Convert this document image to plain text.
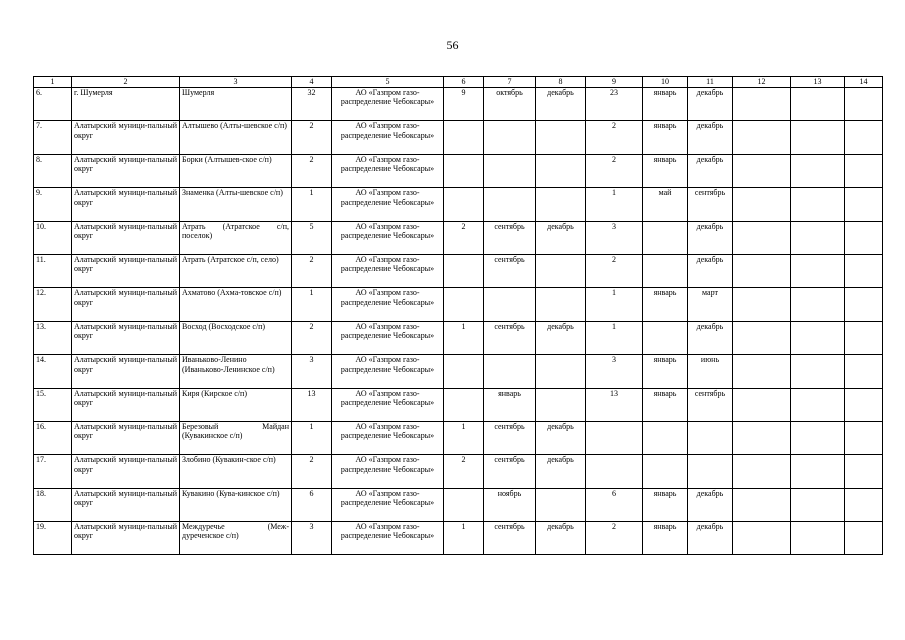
56
1	2	3	4	5	6	7	8	9	10	11	12	13	14
6.	г. Шумерля	Шумерля	32	АО «Газпром газо-распределение Чебоксары»	9	октябрь	декабрь	23	январь	декабрь			
7.	Алатырский муници-пальный округ	Алтышево (Алты-шевское с/п)	2	АО «Газпром газо-распределение Чебоксары»				2	январь	декабрь			
8.	Алатырский муници-пальный округ	Борки (Алтышев-ское с/п)	2	АО «Газпром газо-распределение Чебоксары»				2	январь	декабрь			
9.	Алатырский муници-пальный округ	Знаменка (Алты-шевское с/п)	1	АО «Газпром газо-распределение Чебоксары»				1	май	сентябрь			
10.	Алатырский муници-пальный округ	Атрать (Атратское с/п, поселок)	5	АО «Газпром газо-распределение Чебоксары»	2	сентябрь	декабрь	3		декабрь			
11.	Алатырский муници-пальный округ	Атрать (Атратское с/п, село)	2	АО «Газпром газо-распределение Чебоксары»		сентябрь		2		декабрь			
12.	Алатырский муници-пальный округ	Ахматово (Ахма-товское с/п)	1	АО «Газпром газо-распределение Чебоксары»				1	январь	март			
13.	Алатырский муници-пальный округ	Восход (Восходское с/п)	2	АО «Газпром газо-распределение Чебоксары»	1	сентябрь	декабрь	1		декабрь			
14.	Алатырский муници-пальный округ	Иваньково-Ленино (Иваньково-Ленинское с/п)	3	АО «Газпром газо-распределение Чебоксары»				3	январь	июнь			
15.	Алатырский муници-пальный округ	Киря (Кирское с/п)	13	АО «Газпром газо-распределение Чебоксары»		январь		13	январь	сентябрь			
16.	Алатырский муници-пальный округ	Березовый Майдан (Кувакинское с/п)	1	АО «Газпром газо-распределение Чебоксары»	1	сентябрь	декабрь						
17.	Алатырский муници-пальный округ	Злобино (Кувакин-ское с/п)	2	АО «Газпром газо-распределение Чебоксары»	2	сентябрь	декабрь						
18.	Алатырский муници-пальный округ	Кувакино (Кува-кинское с/п)	6	АО «Газпром газо-распределение Чебоксары»		ноябрь		6	январь	декабрь			
19.	Алатырский муници-пальный округ	Междуречье (Меж-дуреченское с/п)	3	АО «Газпром газо-распределение Чебоксары»	1	сентябрь	декабрь	2	январь	декабрь			
